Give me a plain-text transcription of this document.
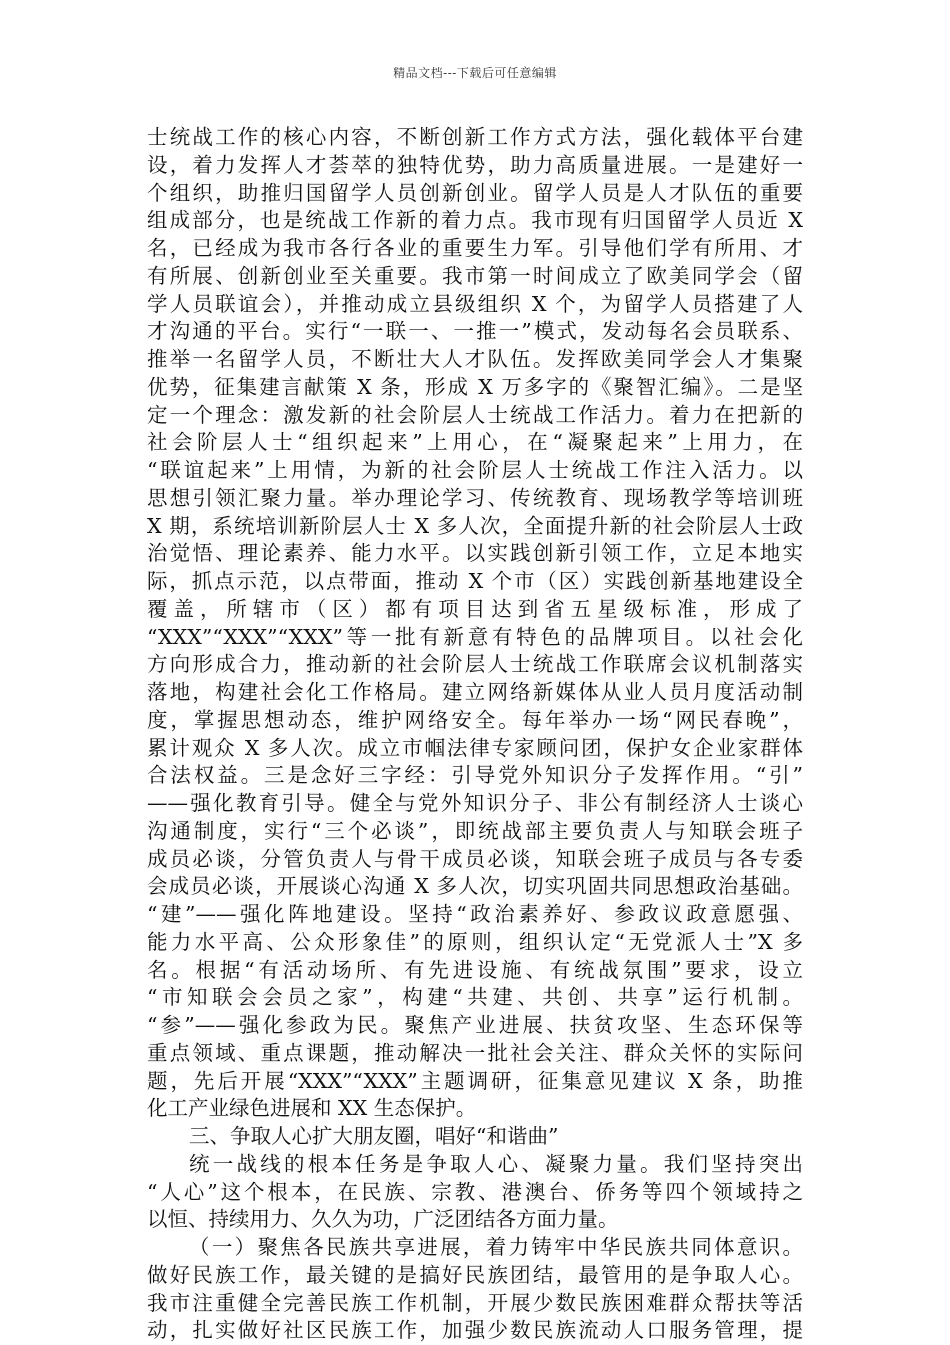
精品文档---下载后可任意编辑
士统战工作的核心内容，不断创新工作方式方法，强化载体平台建
设，着力发挥人才荟萃的独特优势，助力高质量进展。一是建好一
个组织，助推归国留学人员创新创业。留学人员是人才队伍的重要
组成部分，也是统战工作新的着力点。我市现有归国留学人员近 X
名，已经成为我市各行各业的重要生力军。引导他们学有所用、才
有所展、创新创业至关重要。我市第一时间成立了欧美同学会（留
学人员联谊会），并推动成立县级组织 X 个，为留学人员搭建了人
才沟通的平台。实行“一联一、一推一”模式，发动每名会员联系、
推举一名留学人员，不断壮大人才队伍。发挥欧美同学会人才集聚
优势，征集建言献策 X 条，形成 X 万多字的《聚智汇编》。二是坚
定一个理念：激发新的社会阶层人士统战工作活力。着力在把新的
社会阶层人士“组织起来”上用心，在“凝聚起来”上用力，在
“联谊起来”上用情，为新的社会阶层人士统战工作注入活力。以
思想引领汇聚力量。举办理论学习、传统教育、现场教学等培训班
X 期，系统培训新阶层人士 X 多人次，全面提升新的社会阶层人士政
治觉悟、理论素养、能力水平。以实践创新引领工作，立足本地实
际，抓点示范，以点带面，推动 X 个市（区）实践创新基地建设全
覆盖，所辖市（区）都有项目达到省五星级标准，形成了
“XXX”“XXX”“XXX”等一批有新意有特色的品牌项目。以社会化
方向形成合力，推动新的社会阶层人士统战工作联席会议机制落实
落地，构建社会化工作格局。建立网络新媒体从业人员月度活动制
度，掌握思想动态，维护网络安全。每年举办一场“网民春晚”，
累计观众 X 多人次。成立市帼法律专家顾问团，保护女企业家群体
合法权益。三是念好三字经：引导党外知识分子发挥作用。“引”
——强化教育引导。健全与党外知识分子、非公有制经济人士谈心
沟通制度，实行“三个必谈”，即统战部主要负责人与知联会班子
成员必谈，分管负责人与骨干成员必谈，知联会班子成员与各专委
会成员必谈，开展谈心沟通 X 多人次，切实巩固共同思想政治基础。
“建”——强化阵地建设。坚持“政治素养好、参政议政意愿强、
能力水平高、公众形象佳”的原则，组织认定“无党派人士”X 多
名。根据“有活动场所、有先进设施、有统战氛围”要求，设立
“市知联会会员之家”，构建“共建、共创、共享”运行机制。
“参”——强化参政为民。聚焦产业进展、扶贫攻坚、生态环保等
重点领域、重点课题，推动解决一批社会关注、群众关怀的实际问
题，先后开展“XXX”“XXX”主题调研，征集意见建议 X 条，助推
化工产业绿色进展和 XX 生态保护。
三、争取人心扩大朋友圈，唱好“和谐曲”
统一战线的根本任务是争取人心、凝聚力量。我们坚持突出
“人心”这个根本，在民族、宗教、港澳台、侨务等四个领域持之
以恒、持续用力、久久为功，广泛团结各方面力量。
（一）聚焦各民族共享进展，着力铸牢中华民族共同体意识。
做好民族工作，最关键的是搞好民族团结，最管用的是争取人心。
我市注重健全完善民族工作机制，开展少数民族困难群众帮扶等活
动，扎实做好社区民族工作，加强少数民族流动人口服务管理，提
